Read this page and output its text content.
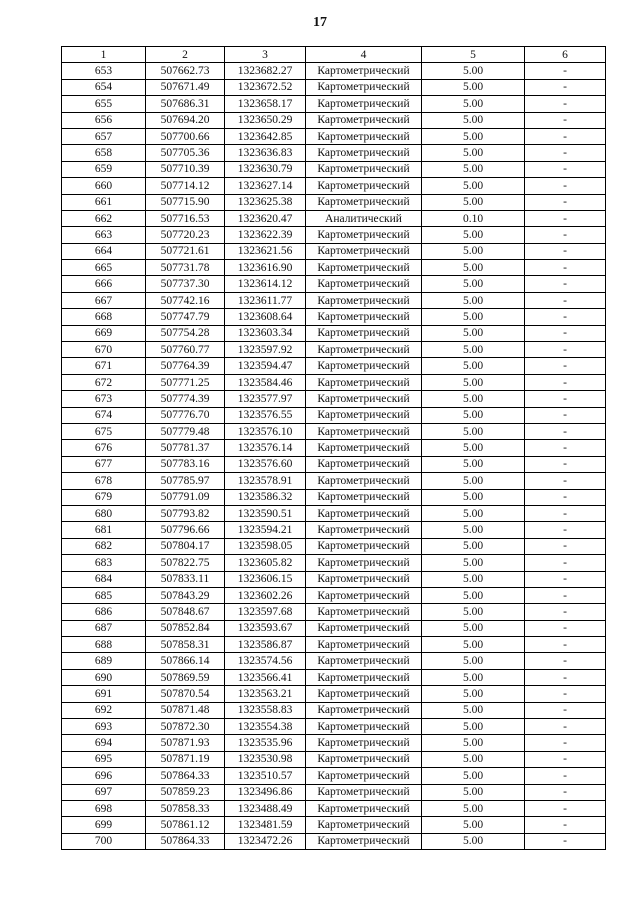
17
1	2	3	4	5	6
653	507662.73	1323682.27	Картометрический	5.00	-
654	507671.49	1323672.52	Картометрический	5.00	-
655	507686.31	1323658.17	Картометрический	5.00	-
656	507694.20	1323650.29	Картометрический	5.00	-
657	507700.66	1323642.85	Картометрический	5.00	-
658	507705.36	1323636.83	Картометрический	5.00	-
659	507710.39	1323630.79	Картометрический	5.00	-
660	507714.12	1323627.14	Картометрический	5.00	-
661	507715.90	1323625.38	Картометрический	5.00	-
662	507716.53	1323620.47	Аналитический	0.10	-
663	507720.23	1323622.39	Картометрический	5.00	-
664	507721.61	1323621.56	Картометрический	5.00	-
665	507731.78	1323616.90	Картометрический	5.00	-
666	507737.30	1323614.12	Картометрический	5.00	-
667	507742.16	1323611.77	Картометрический	5.00	-
668	507747.79	1323608.64	Картометрический	5.00	-
669	507754.28	1323603.34	Картометрический	5.00	-
670	507760.77	1323597.92	Картометрический	5.00	-
671	507764.39	1323594.47	Картометрический	5.00	-
672	507771.25	1323584.46	Картометрический	5.00	-
673	507774.39	1323577.97	Картометрический	5.00	-
674	507776.70	1323576.55	Картометрический	5.00	-
675	507779.48	1323576.10	Картометрический	5.00	-
676	507781.37	1323576.14	Картометрический	5.00	-
677	507783.16	1323576.60	Картометрический	5.00	-
678	507785.97	1323578.91	Картометрический	5.00	-
679	507791.09	1323586.32	Картометрический	5.00	-
680	507793.82	1323590.51	Картометрический	5.00	-
681	507796.66	1323594.21	Картометрический	5.00	-
682	507804.17	1323598.05	Картометрический	5.00	-
683	507822.75	1323605.82	Картометрический	5.00	-
684	507833.11	1323606.15	Картометрический	5.00	-
685	507843.29	1323602.26	Картометрический	5.00	-
686	507848.67	1323597.68	Картометрический	5.00	-
687	507852.84	1323593.67	Картометрический	5.00	-
688	507858.31	1323586.87	Картометрический	5.00	-
689	507866.14	1323574.56	Картометрический	5.00	-
690	507869.59	1323566.41	Картометрический	5.00	-
691	507870.54	1323563.21	Картометрический	5.00	-
692	507871.48	1323558.83	Картометрический	5.00	-
693	507872.30	1323554.38	Картометрический	5.00	-
694	507871.93	1323535.96	Картометрический	5.00	-
695	507871.19	1323530.98	Картометрический	5.00	-
696	507864.33	1323510.57	Картометрический	5.00	-
697	507859.23	1323496.86	Картометрический	5.00	-
698	507858.33	1323488.49	Картометрический	5.00	-
699	507861.12	1323481.59	Картометрический	5.00	-
700	507864.33	1323472.26	Картометрический	5.00	-
